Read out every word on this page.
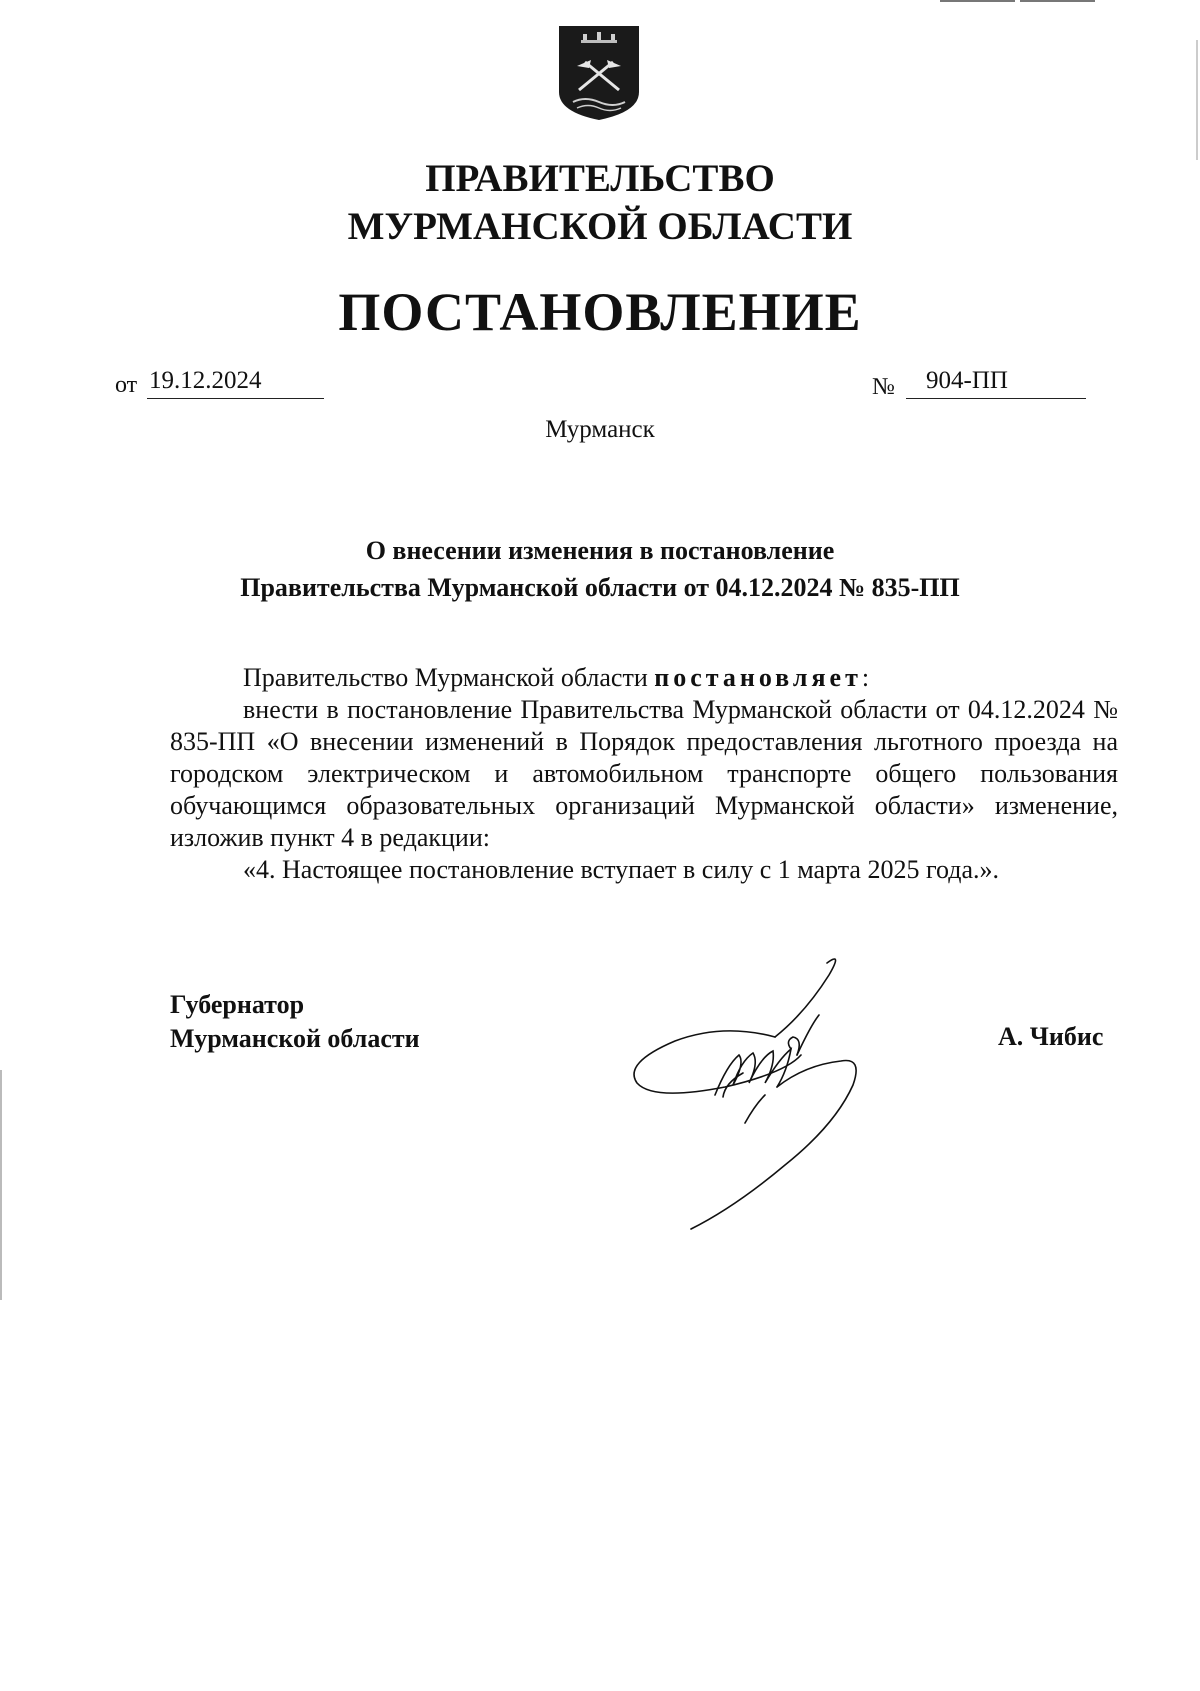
ПРАВИТЕЛЬСТВО
МУРМАНСКОЙ ОБЛАСТИ
ПОСТАНОВЛЕНИЕ
от 19.12.2024	№	904-ПП
Мурманск
О внесении изменения в постановление
Правительства Мурманской области от 04.12.2024 № 835-ПП

Правительство Мурманской области постановляет:

внести в постановление Правительства Мурманской области от 04.12.2024 № 835-ПП «О внесении изменений в Порядок предоставления льготного проезда на городском электрическом и автомобильном транспорте общего пользования обучающимся образовательных организаций Мурманской области» изменение, изложив пункт 4 в редакции:

«4. Настоящее постановление вступает в силу с 1 марта 2025 года.».

Губернатор
Мурманской области	А. Чибис
